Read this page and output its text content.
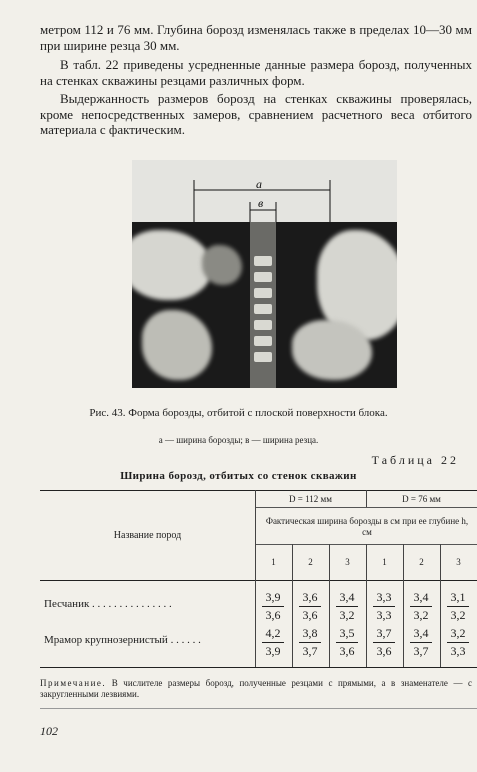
метром 112 и 76 мм. Глубина борозд изменялась также в пределах 10—30 мм при ширине резца 30 мм.
В табл. 22 приведены усредненные данные размера борозд, полученных на стенках скважины резцами различных форм.
Выдержанность размеров борозд на стенках скважины проверялась, кроме непосредственных замеров, сравнением расчетного веса отбитого материала с фактическим.
а
в
Рис. 43. Форма борозды, отбитой с плоской поверхности блока.
а — ширина борозды; в — ширина резца.
Таблица 22
Ширина борозд, отбитых со стенок скважин
Название пород
D = 112 мм	D = 76 мм
Фактическая ширина борозды в см при ее глубине h, см
1	2	3	1	2	3
Песчаник . . . . . . . . . . . . . . .	3,9	3,6	3,4	3,3	3,4	3,1
3,6	3,6	3,2	3,3	3,2	3,2
Мрамор крупнозернистый . . . . . .	4,2	3,8	3,5	3,7	3,4	3,2
3,9	3,7	3,6	3,6	3,7	3,3
Примечание. В числителе размеры борозд, полученные резцами с прямыми, а в знаменателе — с закругленными лезвиями.
102
